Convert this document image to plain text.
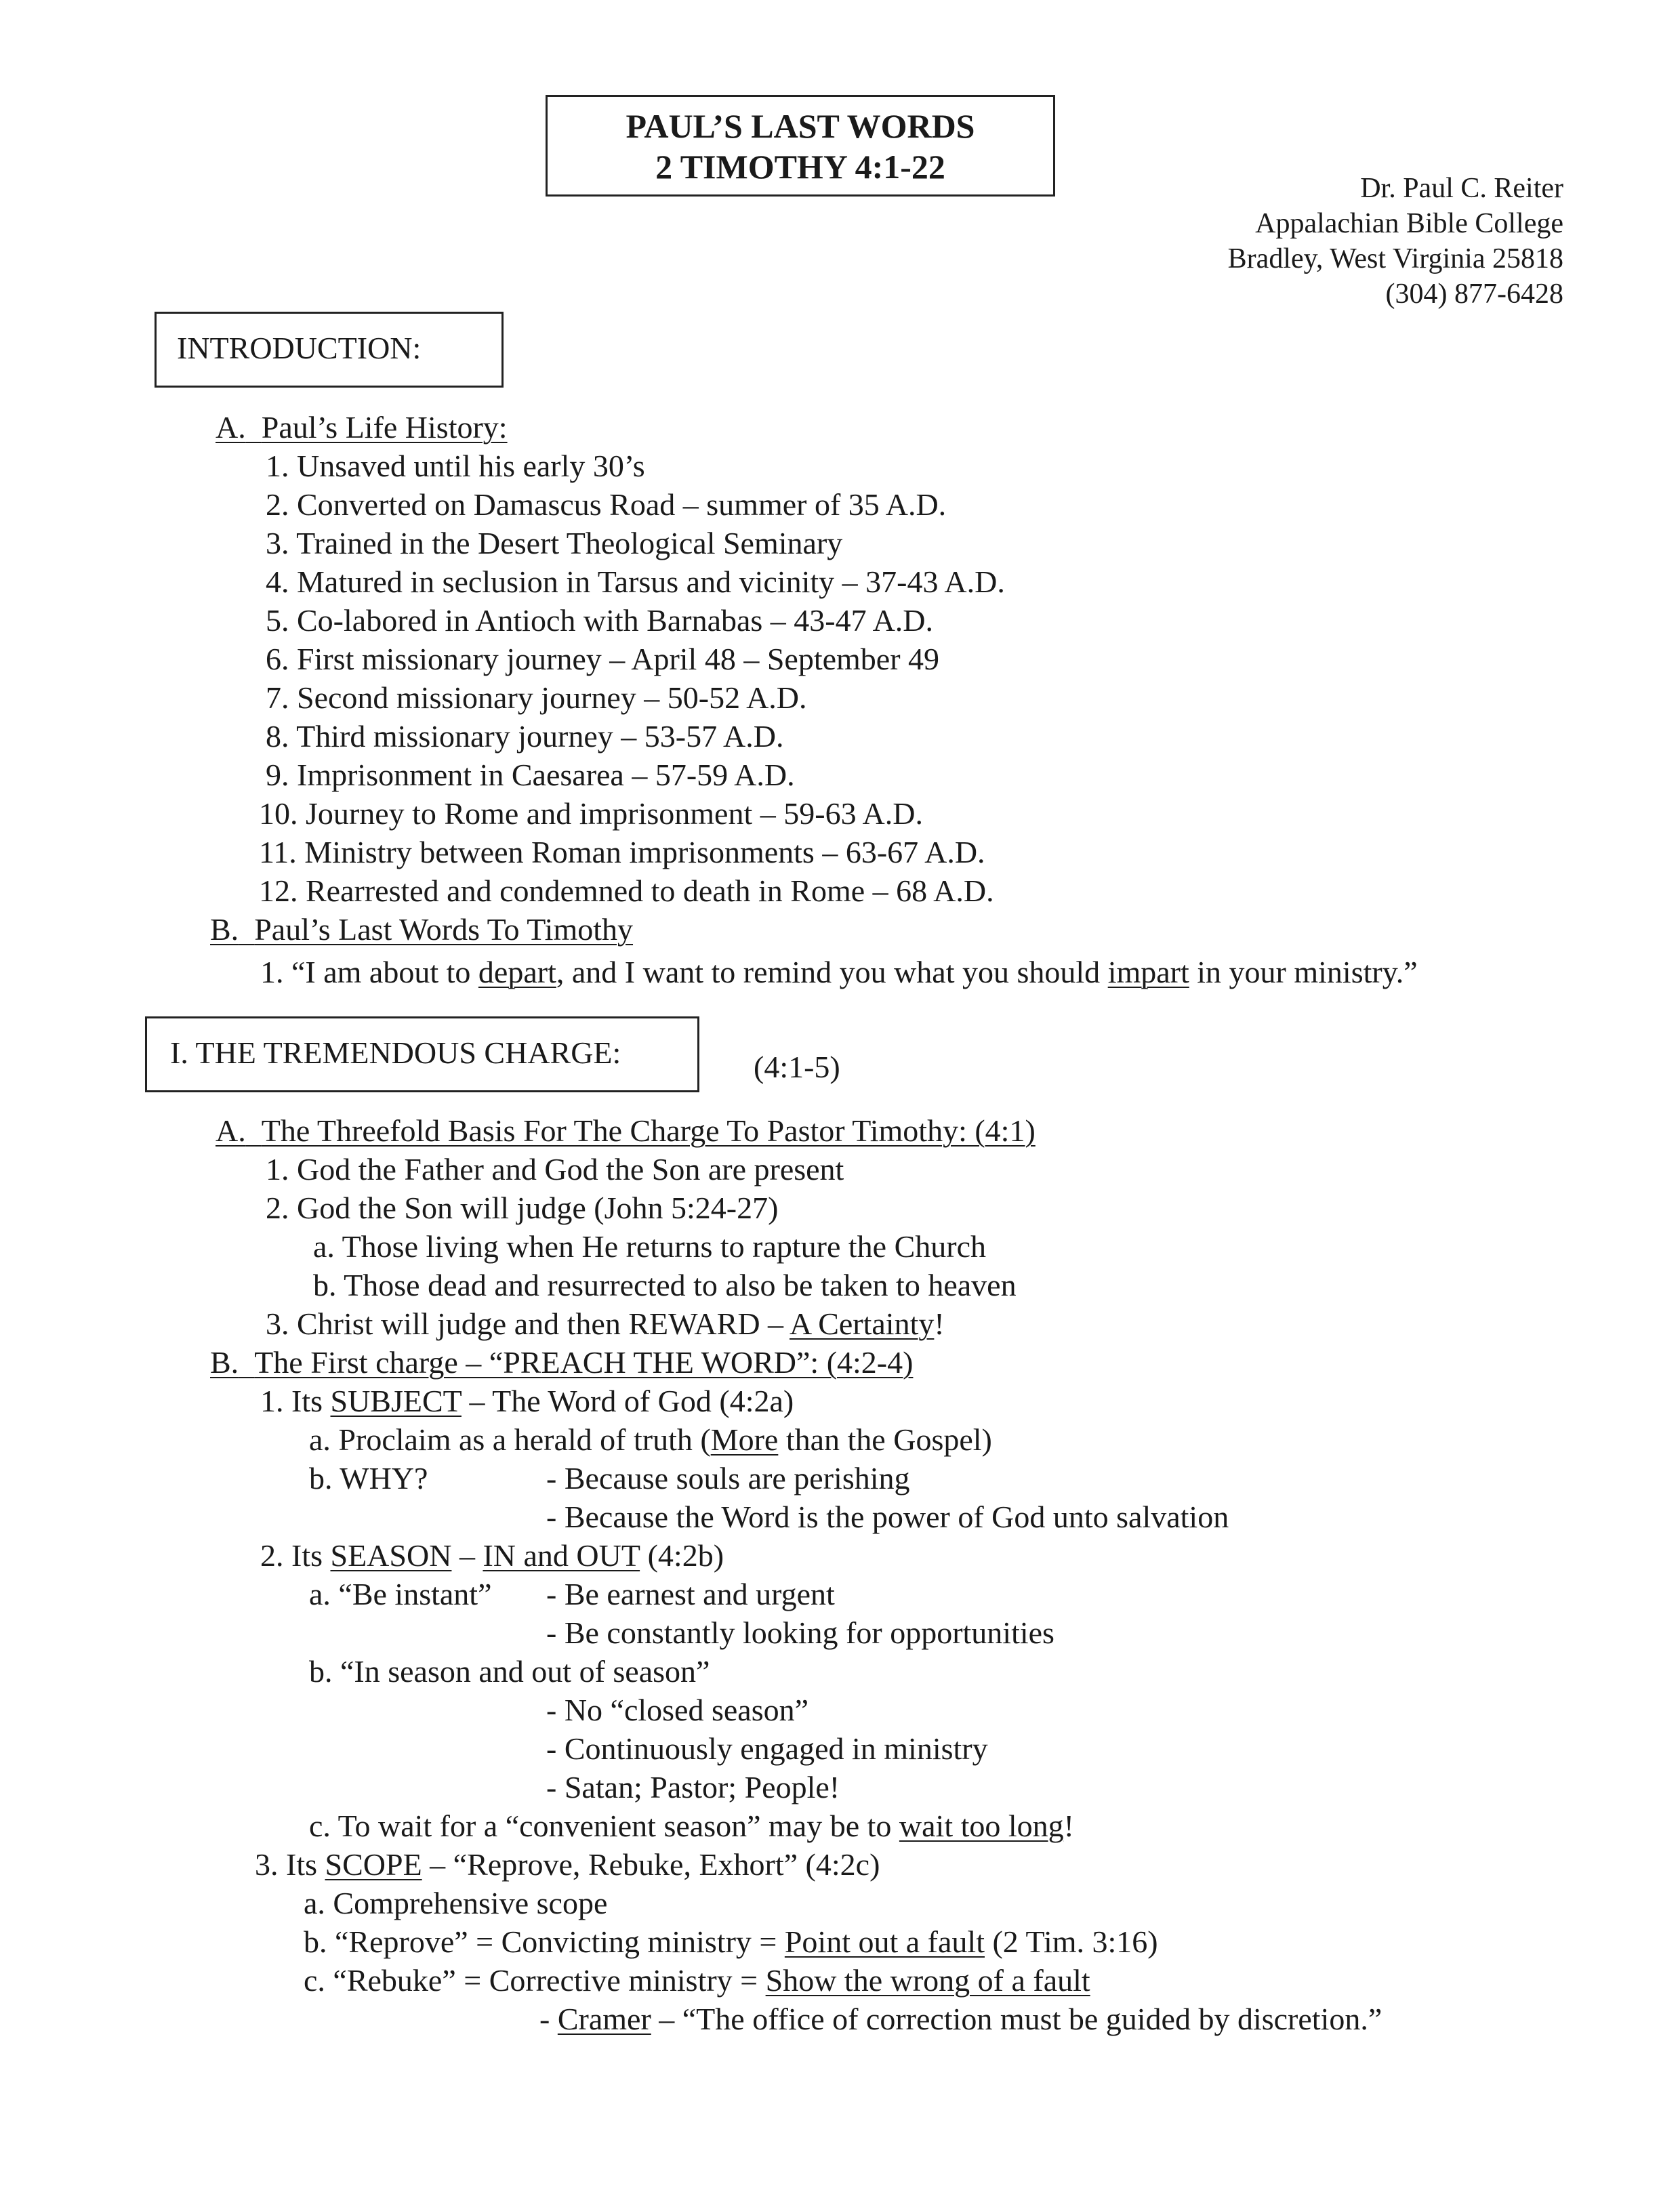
PAUL’S LAST WORDS
2 TIMOTHY 4:1-22
Dr. Paul C. Reiter
Appalachian Bible College
Bradley, West Virginia 25818
(304) 877-6428
INTRODUCTION:
A. Paul’s Life History:
1. Unsaved until his early 30’s
2. Converted on Damascus Road – summer of 35 A.D.
3. Trained in the Desert Theological Seminary
4. Matured in seclusion in Tarsus and vicinity – 37-43 A.D.
5. Co-labored in Antioch with Barnabas – 43-47 A.D.
6. First missionary journey – April 48 – September 49
7. Second missionary journey – 50-52 A.D.
8. Third missionary journey – 53-57 A.D.
9. Imprisonment in Caesarea – 57-59 A.D.
10. Journey to Rome and imprisonment – 59-63 A.D.
11. Ministry between Roman imprisonments – 63-67 A.D.
12. Rearrested and condemned to death in Rome – 68 A.D.
B. Paul’s Last Words To Timothy
1. “I am about to depart, and I want to remind you what you should impart in your ministry.”
I. THE TREMENDOUS CHARGE:	(4:1-5)
A. The Threefold Basis For The Charge To Pastor Timothy: (4:1)
1. God the Father and God the Son are present
2. God the Son will judge (John 5:24-27)
a. Those living when He returns to rapture the Church
b. Those dead and resurrected to also be taken to heaven
3. Christ will judge and then REWARD – A Certainty!
B. The First charge – “PREACH THE WORD”: (4:2-4)
1. Its SUBJECT – The Word of God (4:2a)
a. Proclaim as a herald of truth (More than the Gospel)
b. WHY?	- Because souls are perishing
- Because the Word is the power of God unto salvation
2. Its SEASON – IN and OUT (4:2b)
a. “Be instant” - Be earnest and urgent
- Be constantly looking for opportunities
b. “In season and out of season”
- No “closed season”
- Continuously engaged in ministry
- Satan; Pastor; People!
c. To wait for a “convenient season” may be to wait too long!
3. Its SCOPE – “Reprove, Rebuke, Exhort” (4:2c)
a. Comprehensive scope
b. “Reprove” = Convicting ministry = Point out a fault (2 Tim. 3:16)
c. “Rebuke” = Corrective ministry = Show the wrong of a fault
- Cramer – “The office of correction must be guided by discretion.”
